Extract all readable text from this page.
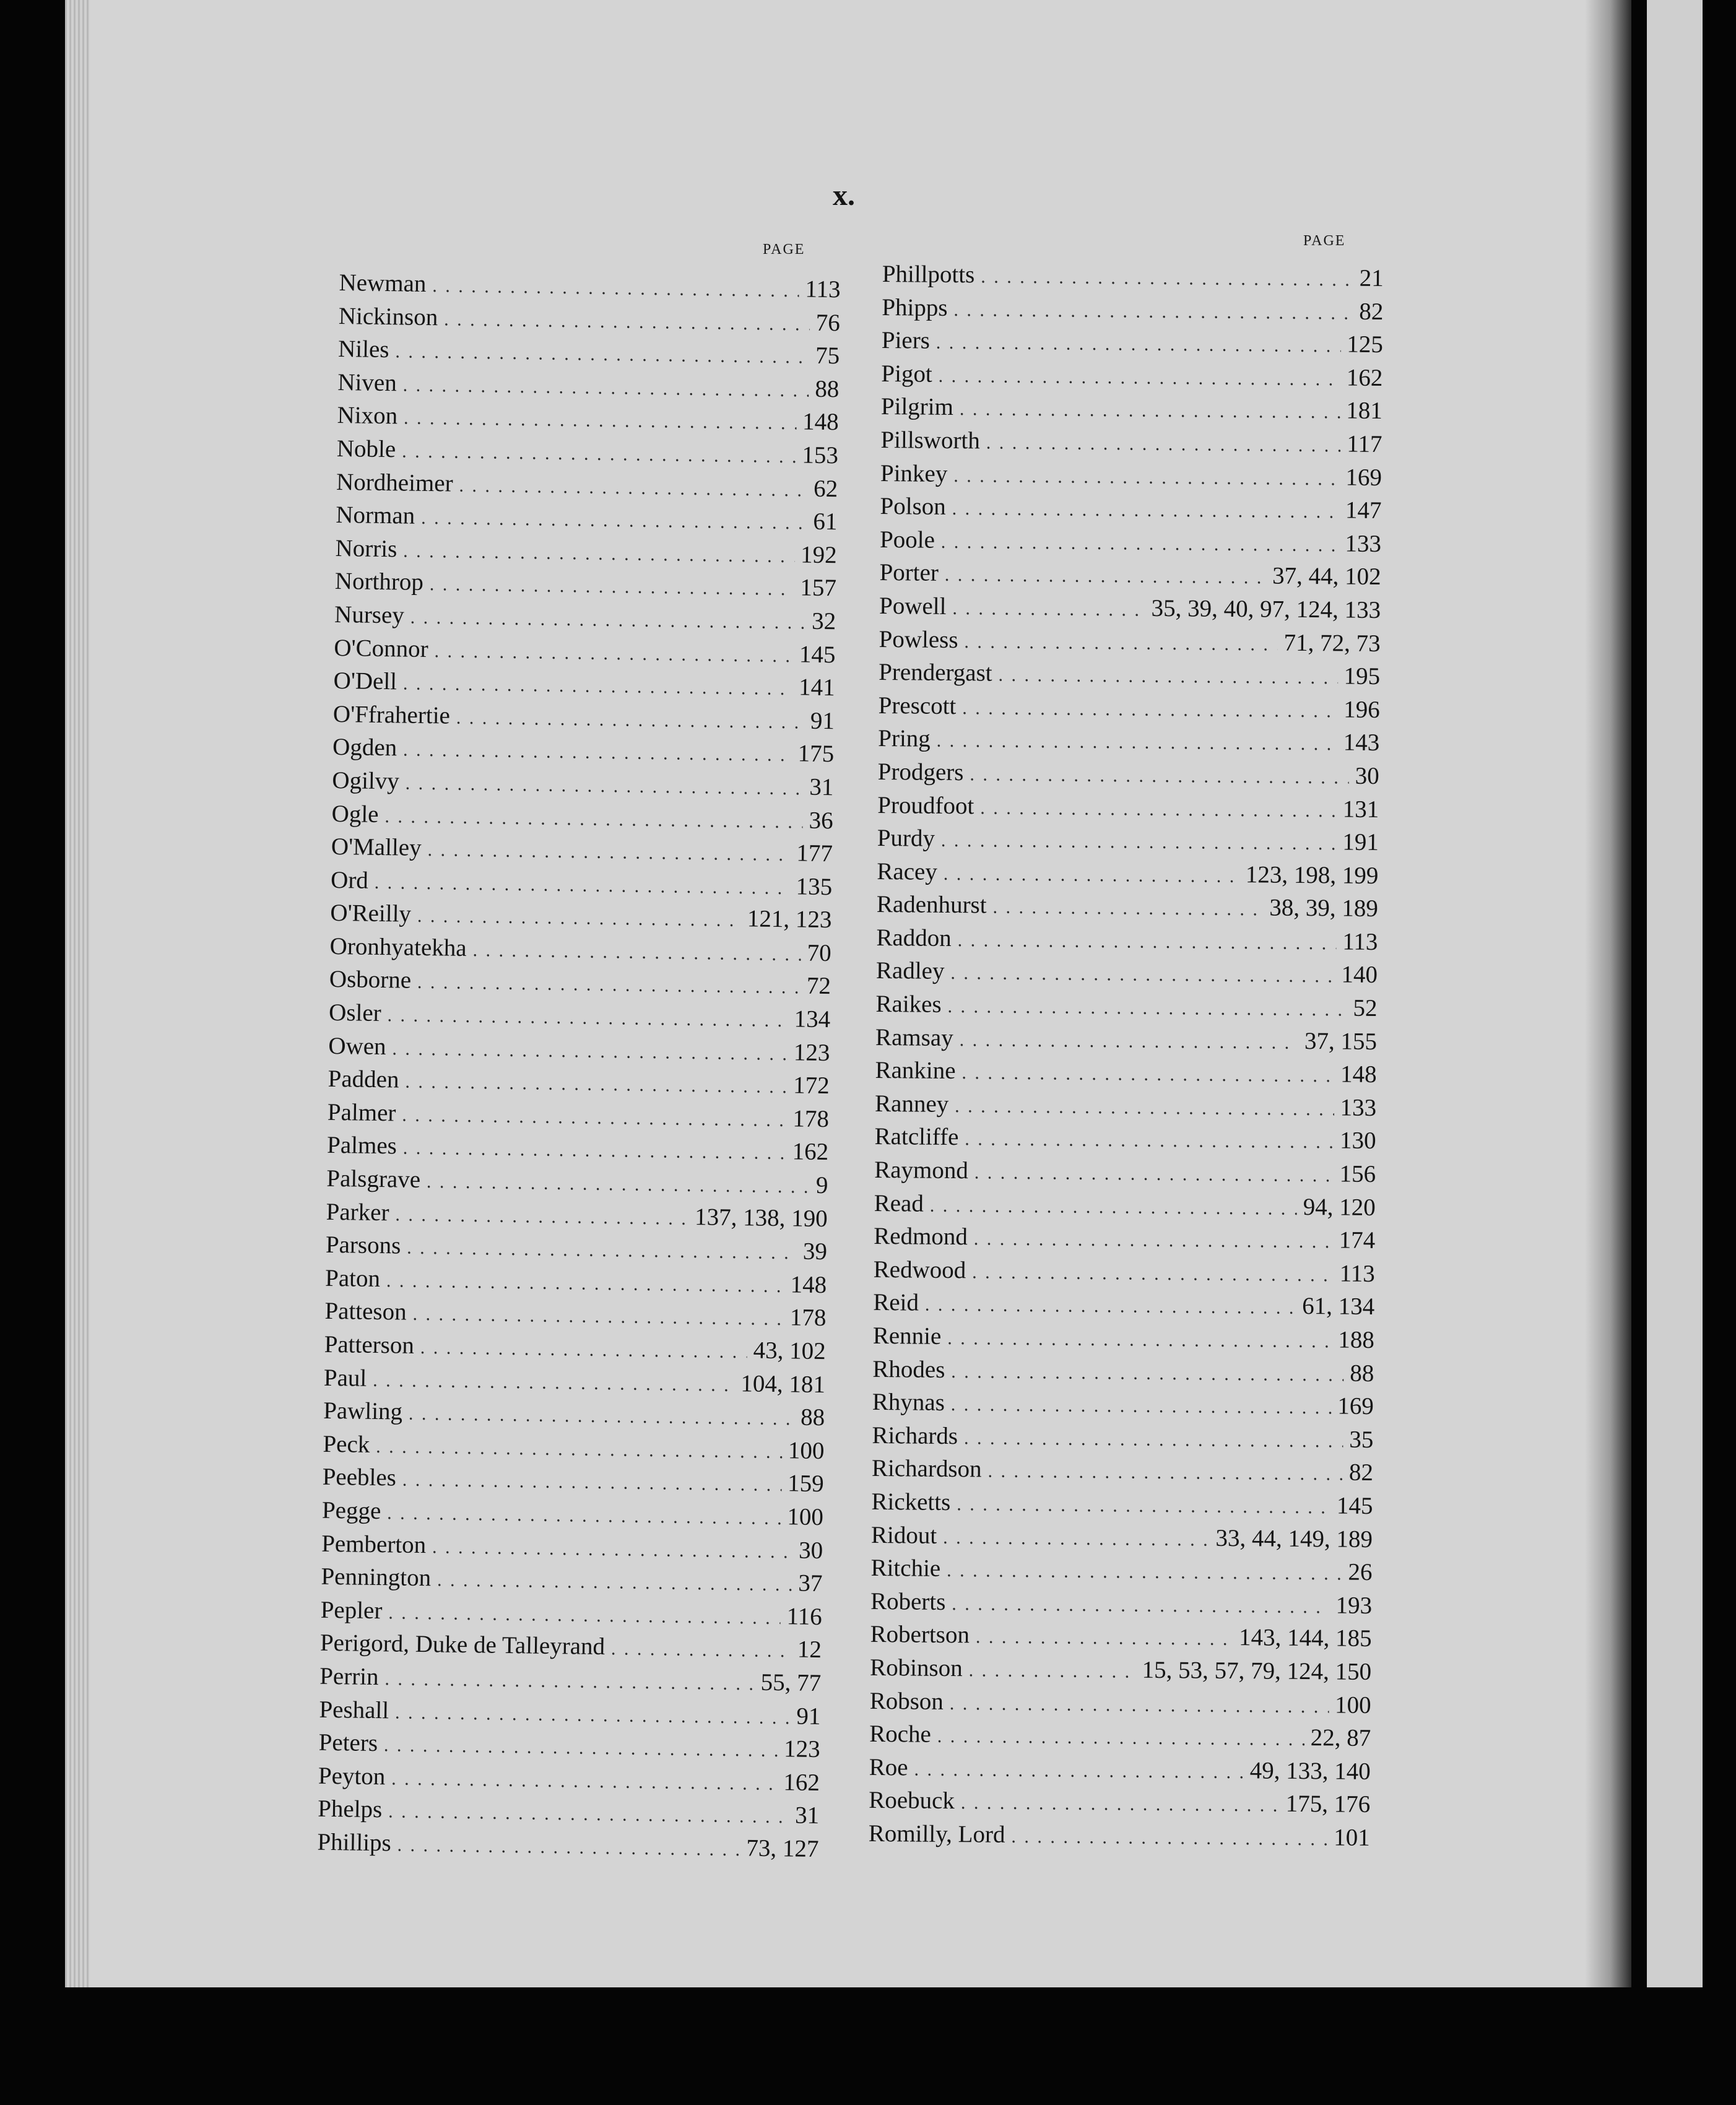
x.
PAGE
PAGE
Newman . . .	113
Nickinson . . .	76
Niles . . .	75
Niven . . .	88
Nixon . . .	148
Noble . . .	153
Nordheimer . . .	62
Norman . . .	61
Norris . . .	192
Northrop . . .	157
Nursey . . .	32
O'Connor . . .	145
O'Dell . . .	141
O'Ffrahertie . . .	91
Ogden . . .	175
Ogilvy . . .	31
Ogle . . .	36
O'Malley . . .	177
Ord . . .	135
O'Reilly . . .	121, 123
Oronhyatekha . . .	70
Osborne . . .	72
Osler . . .	134
Owen . . .	123
Padden . . .	172
Palmer . . .	178
Palmes . . .	162
Palsgrave . . .	9
Parker . . .	137, 138, 190
Parsons . . .	39
Paton . . .	148
Patteson . . .	178
Patterson . . .	43, 102
Paul . . .	104, 181
Pawling . . .	88
Peck . . .	100
Peebles . . .	159
Pegge . . .	100
Pemberton . . .	30
Pennington . . .	37
Pepler . . .	116
Perigord, Duke de Talleyrand . . .	12
Perrin . . .	55, 77
Peshall . . .	91
Peters . . .	123
Peyton . . .	162
Phelps . . .	31
Phillips . . .	73, 127
Phillpotts . . .	21
Phipps . . .	82
Piers . . .	125
Pigot . . .	162
Pilgrim . . .	181
Pillsworth . . .	117
Pinkey . . .	169
Polson . . .	147
Poole . . .	133
Porter . . .	37, 44, 102
Powell . . .	35, 39, 40, 97, 124, 133
Powless . . .	71, 72, 73
Prendergast . . .	195
Prescott . . .	196
Pring . . .	143
Prodgers . . .	30
Proudfoot . . .	131
Purdy . . .	191
Racey . . .	123, 198, 199
Radenhurst . . .	38, 39, 189
Raddon . . .	113
Radley . . .	140
Raikes . . .	52
Ramsay . . .	37, 155
Rankine . . .	148
Ranney . . .	133
Ratcliffe . . .	130
Raymond . . .	156
Read . . .	94, 120
Redmond . . .	174
Redwood . . .	113
Reid . . .	61, 134
Rennie . . .	188
Rhodes . . .	88
Rhynas . . .	169
Richards . . .	35
Richardson . . .	82
Ricketts . . .	145
Ridout . . .	33, 44, 149, 189
Ritchie . . .	26
Roberts . . .	193
Robertson . . .	143, 144, 185
Robinson . . .	15, 53, 57, 79, 124, 150
Robson . . .	100
Roche . . .	22, 87
Roe . . .	49, 133, 140
Roebuck . . .	175, 176
Romilly, Lord . . .	101
